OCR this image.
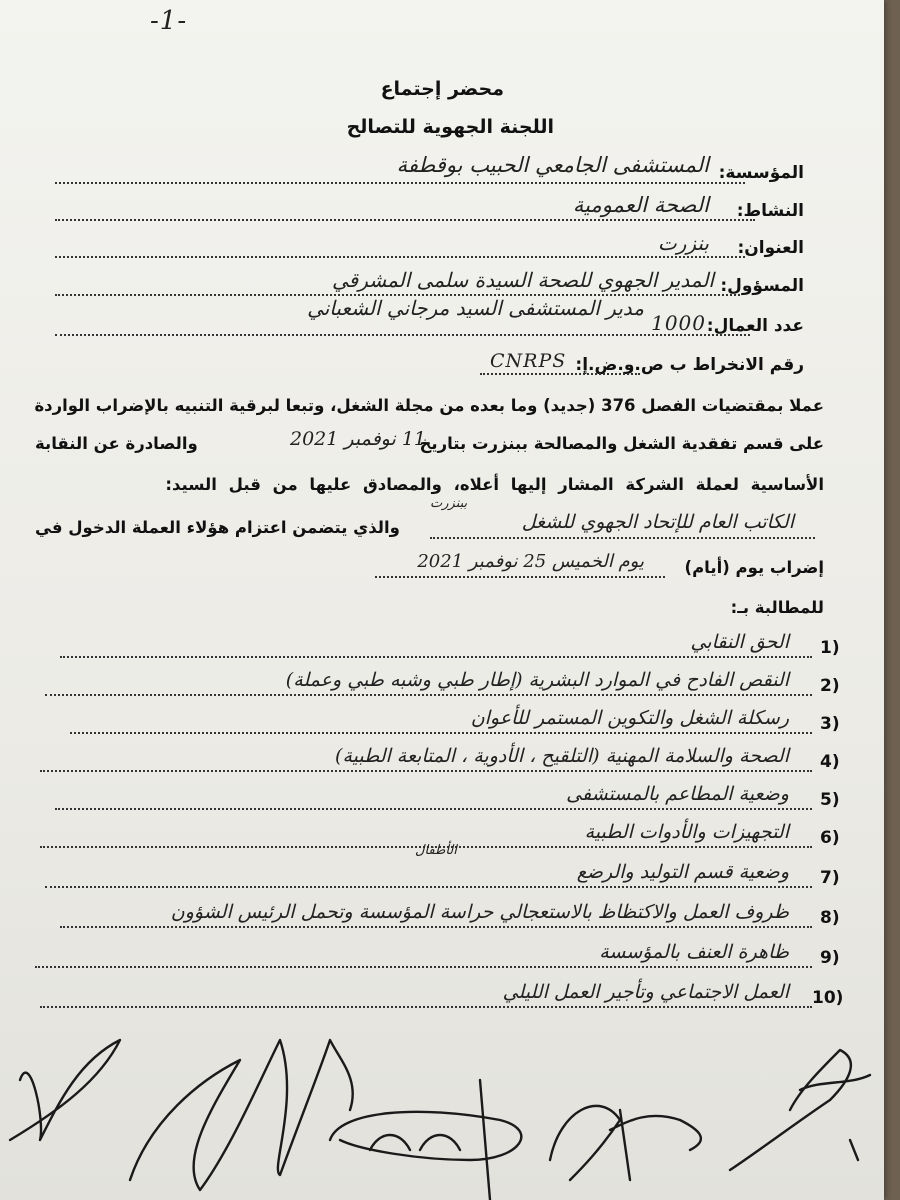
-1-
محضر إجتماع
اللجنة الجهوية للتصالح
المؤسسة:
المستشفى الجامعي الحبيب بوقطفة
النشاط:
الصحة العمومية
العنوان:
بنزرت
المسؤول:
المدير الجهوي للصحة السيدة سلمى المشرقي
مدير المستشفى السيد مرجاني الشعباني
عدد العمال:
1000
رقم الانخراط ب ص.و.ض.إ:
CNRPS
عملا بمقتضيات الفصل 376 (جديد) وما بعده من مجلة الشغل، وتبعا لبرقية التنبيه بالإضراب الواردة
على قسم تفقدية الشغل والمصالحة ببنزرت بتاريخ
11 نوفمبر 2021
والصادرة عن النقابة
الأساسية لعملة الشركة المشار إليها أعلاه، والمصادق عليها من قبل السيد:
الكاتب العام للإتحاد الجهوي للشغل
ببنزرت
والذي يتضمن اعتزام هؤلاء العملة الدخول في
إضراب يوم (أيام)
يوم الخميس 25 نوفمبر 2021
للمطالبة بـ:
1)
الحق النقابي
2)
النقص الفادح في الموارد البشرية (إطار طبي وشبه طبي وعملة)
3)
رسكلة الشغل والتكوين المستمر للأعوان
4)
الصحة والسلامة المهنية (التلقيح ، الأدوية ، المتابعة الطبية)
5)
وضعية المطاعم بالمستشفى
6)
التجهيزات والأدوات الطبية
7)
وضعية قسم التوليد والرضع
الأطفال
8)
ظروف العمل والاكتظاظ بالاستعجالي حراسة المؤسسة وتحمل الرئيس الشؤون
9)
ظاهرة العنف بالمؤسسة
10)
العمل الاجتماعي وتأجير العمل الليلي
